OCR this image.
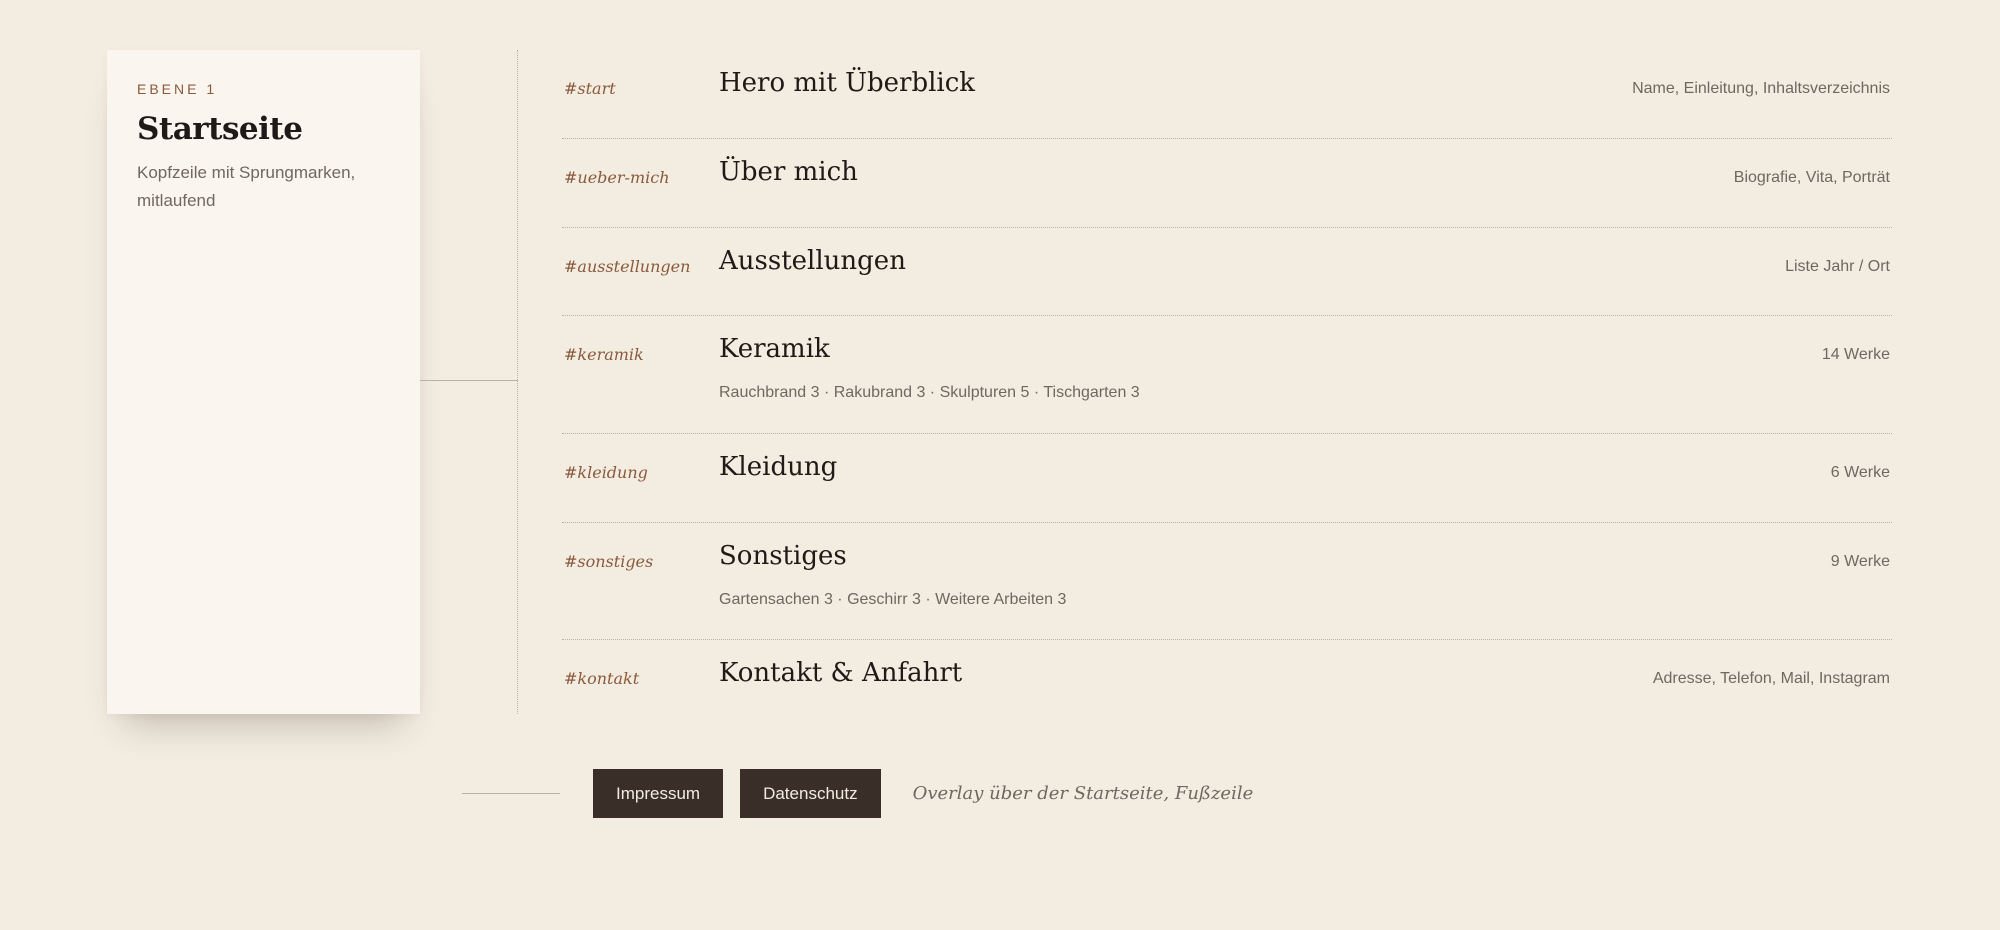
EBENE 1
Startseite
Kopfzeile mit Sprungmarken, mitlaufend
#start	Hero mit Überblick	Name, Einleitung, Inhaltsverzeichnis
#ueber-mich Über mich	Biografie, Vita, Porträt
#ausstellungen Ausstellungen	Liste Jahr / Ort
#keramik	Keramik	14 Werke
Rauchbrand 3 · Rakubrand 3 · Skulpturen 5 · Tischgarten 3
#kleidung	Kleidung	6 Werke
#sonstiges	Sonstiges	9 Werke
Gartensachen 3 · Geschirr 3 · Weitere Arbeiten 3
#kontakt	Kontakt & Anfahrt	Adresse, Telefon, Mail, Instagram
Impressum	Datenschutz	Overlay über der Startseite, Fußzeile
